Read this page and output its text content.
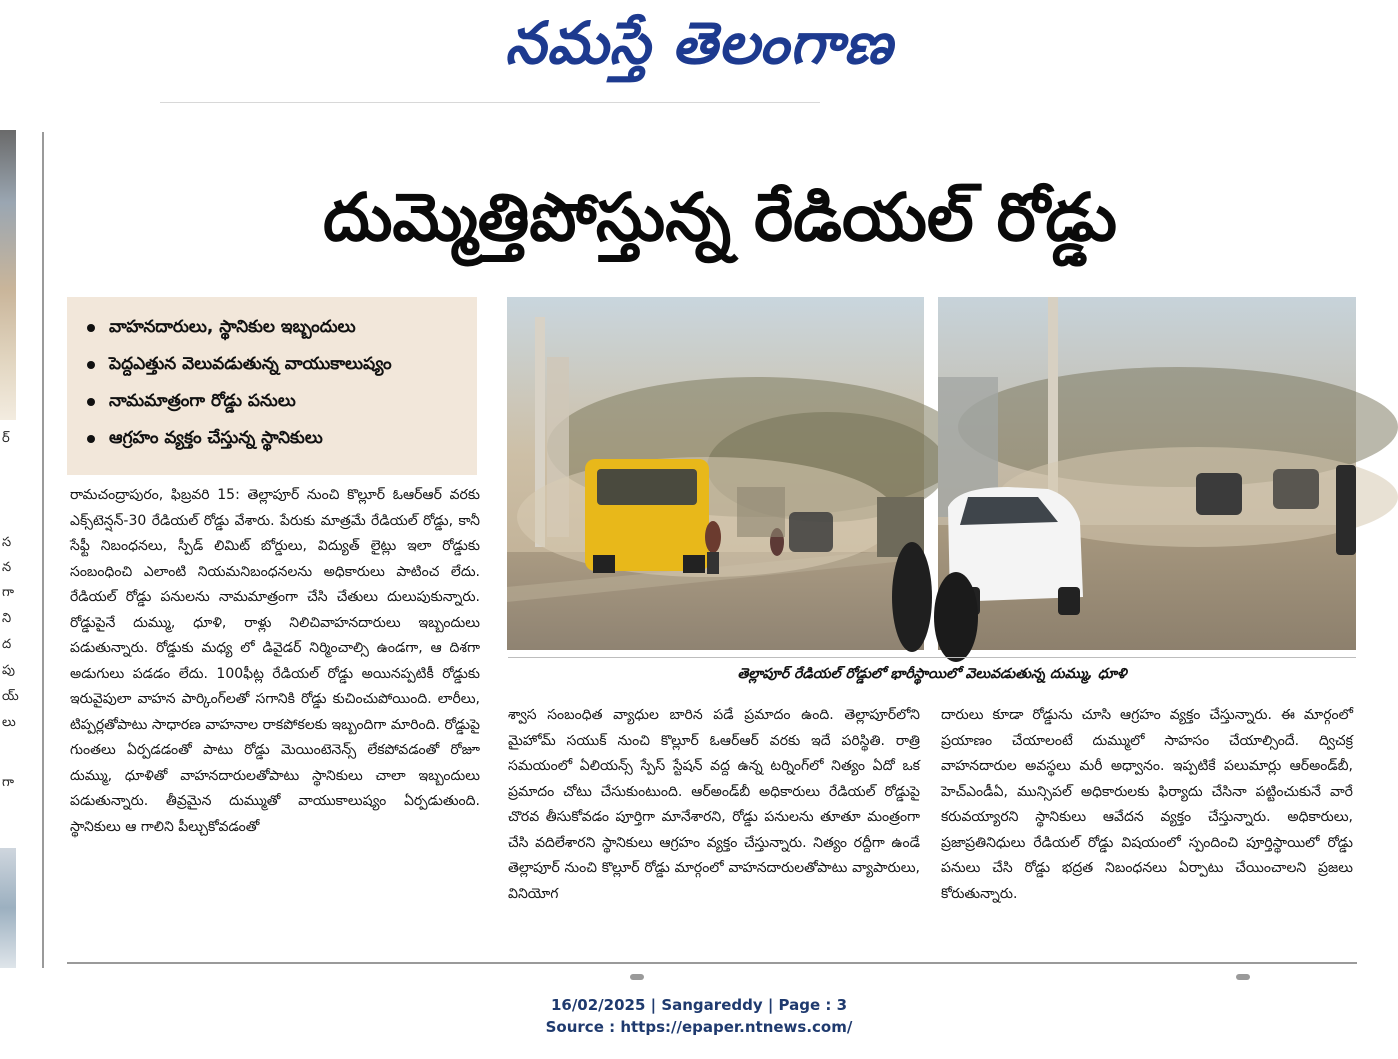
నమస్తే తెలంగాణ
ర్
స
న
గా
ని
ద
పు
య్
లు
గా
దుమ్మెత్తిపోస్తున్న రేడియల్ రోడ్డు
వాహనదారులు, స్థానికుల ఇబ్బందులు
పెద్దఎత్తున వెలువడుతున్న వాయుకాలుష్యం
నామమాత్రంగా రోడ్డు పనులు
ఆగ్రహం వ్యక్తం చేస్తున్న స్థానికులు

రామచంద్రాపురం, ఫిబ్రవరి 15: తెల్లాపూర్ నుంచి కొల్లూర్ ఓఆర్ఆర్ వరకు ఎక్స్‌టెన్షన్-30 రేడియల్ రోడ్డు వేశారు. పేరుకు మాత్రమే రేడియల్ రోడ్డు, కానీ సేఫ్టీ నిబంధనలు, స్పీడ్ లిమిట్ బోర్డులు, విద్యుత్ లైట్లు ఇలా రోడ్డుకు సంబంధించి ఎలాంటి నియమనిబంధనలను అధికారులు పాటించ లేదు. రేడియల్ రోడ్డు పనులను నామమాత్రంగా చేసి చేతులు దులుపుకున్నారు. రోడ్డుపైనే దుమ్ము, ధూళి, రాళ్లు నిలిచివాహనదారులు ఇబ్బందులు పడుతున్నారు. రోడ్డుకు మధ్య లో డివైడర్ నిర్మించాల్సి ఉండగా, ఆ దిశగా అడుగులు పడడం లేదు. 100ఫీట్ల రేడియల్ రోడ్డు అయినప్పటికీ రోడ్డుకు ఇరువైపులా వాహన పార్కింగ్‌లతో సగానికి రోడ్డు కుచించుపోయింది. లారీలు, టిప్పర్లతోపాటు సాధారణ వాహనాల రాకపోకలకు ఇబ్బందిగా మారింది. రోడ్డుపై గుంతలు ఏర్పడడంతో పాటు రోడ్డు మెయింటెనెన్స్ లేకపోవడంతో రోజూ దుమ్ము, ధూళితో వాహనదారులతోపాటు స్థానికులు చాలా ఇబ్బందులు పడుతున్నారు. తీవ్రమైన దుమ్ముతో వాయుకాలుష్యం ఏర్పడుతుంది. స్థానికులు ఆ గాలిని పీల్చుకోవడంతో

తెల్లాపూర్ రేడియల్ రోడ్డులో భారీస్థాయిలో వెలువడుతున్న దుమ్ము, ధూళి

శ్వాస సంబంధిత వ్యాధుల బారిన పడే ప్రమాదం ఉంది. తెల్లాపూర్‌లోని మైహోమ్ సయుక్ నుంచి కొల్లూర్ ఓఆర్ఆర్ వరకు ఇదే పరిస్థితి. రాత్రి సమయంలో ఏలియన్స్ స్పేస్ స్టేషన్ వద్ద ఉన్న టర్నింగ్‌లో నిత్యం ఏదో ఒక ప్రమాదం చోటు చేసుకుంటుంది. ఆర్అండ్‌బీ అధికారులు రేడియల్ రోడ్డుపై చొరవ తీసుకోవడం పూర్తిగా మానేశారని, రోడ్డు పనులను తూతూ మంత్రంగా చేసి వదిలేశారని స్థానికులు ఆగ్రహం వ్యక్తం చేస్తున్నారు. నిత్యం రద్దీగా ఉండే తెల్లాపూర్ నుంచి కొల్లూర్ రోడ్డు మార్గంలో వాహనదారులతోపాటు వ్యాపారులు, వినియోగ

దారులు కూడా రోడ్డును చూసి ఆగ్రహం వ్యక్తం చేస్తున్నారు. ఈ మార్గంలో ప్రయాణం చేయాలంటే దుమ్ములో సాహసం చేయాల్సిందే. ద్విచక్ర వాహనదారుల అవస్థలు మరీ అధ్వానం. ఇప్పటికే పలుమార్లు ఆర్అండ్‌బీ, హెచ్ఎండీఏ, మున్సిపల్ అధికారులకు ఫిర్యాదు చేసినా పట్టించుకునే వారే కరువయ్యారని స్థానికులు ఆవేదన వ్యక్తం చేస్తున్నారు. అధికారులు, ప్రజాప్రతినిధులు రేడియల్ రోడ్డు విషయంలో స్పందించి పూర్తిస్థాయిలో రోడ్డు పనులు చేసి రోడ్డు భద్రత నిబంధనలు ఏర్పాటు చేయించాలని ప్రజలు కోరుతున్నారు.

16/02/2025 | Sangareddy | Page : 3
Source : https://epaper.ntnews.com/
